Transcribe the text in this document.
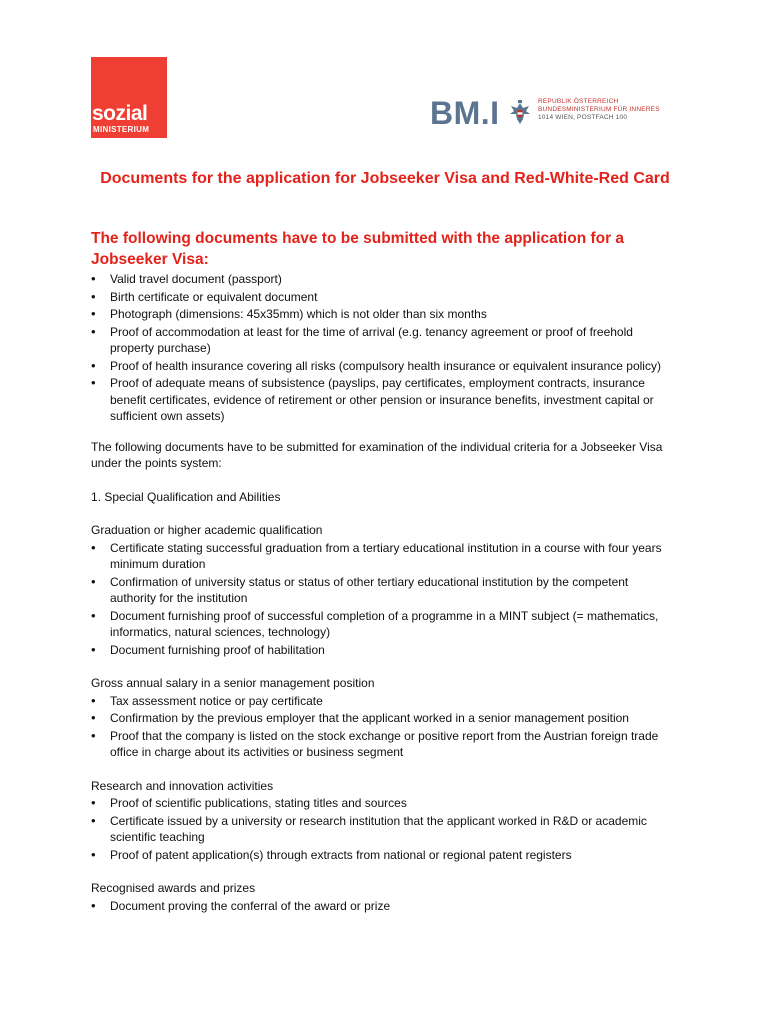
sozial
MINISTERIUM	BM.I	REPUBLIK ÖSTERREICH
BUNDESMINISTERIUM FÜR INNERES
1014 WIEN, POSTFACH 100
Documents for the application for Jobseeker Visa and Red-White-Red Card
The following documents have to be submitted with the application for a Jobseeker Visa:
• Valid travel document (passport)
• Birth certificate or equivalent document
• Photograph (dimensions: 45x35mm) which is not older than six months
• Proof of accommodation at least for the time of arrival (e.g. tenancy agreement or proof of freehold property purchase)
• Proof of health insurance covering all risks (compulsory health insurance or equivalent insurance policy)
• Proof of adequate means of subsistence (payslips, pay certificates, employment contracts, insurance benefit certificates, evidence of retirement or other pension or insurance benefits, investment capital or sufficient own assets)

The following documents have to be submitted for examination of the individual criteria for a Jobseeker Visa under the points system:

1. Special Qualification and Abilities

Graduation or higher academic qualification

• Certificate stating successful graduation from a tertiary educational institution in a course with four years minimum duration
• Confirmation of university status or status of other tertiary educational institution by the competent authority for the institution
• Document furnishing proof of successful completion of a programme in a MINT subject (= mathematics, informatics, natural sciences, technology)
• Document furnishing proof of habilitation

Gross annual salary in a senior management position

• Tax assessment notice or pay certificate
• Confirmation by the previous employer that the applicant worked in a senior management position
• Proof that the company is listed on the stock exchange or positive report from the Austrian foreign trade office in charge about its activities or business segment

Research and innovation activities

• Proof of scientific publications, stating titles and sources
• Certificate issued by a university or research institution that the applicant worked in R&D or academic scientific teaching
• Proof of patent application(s) through extracts from national or regional patent registers

Recognised awards and prizes

• Document proving the conferral of the award or prize
